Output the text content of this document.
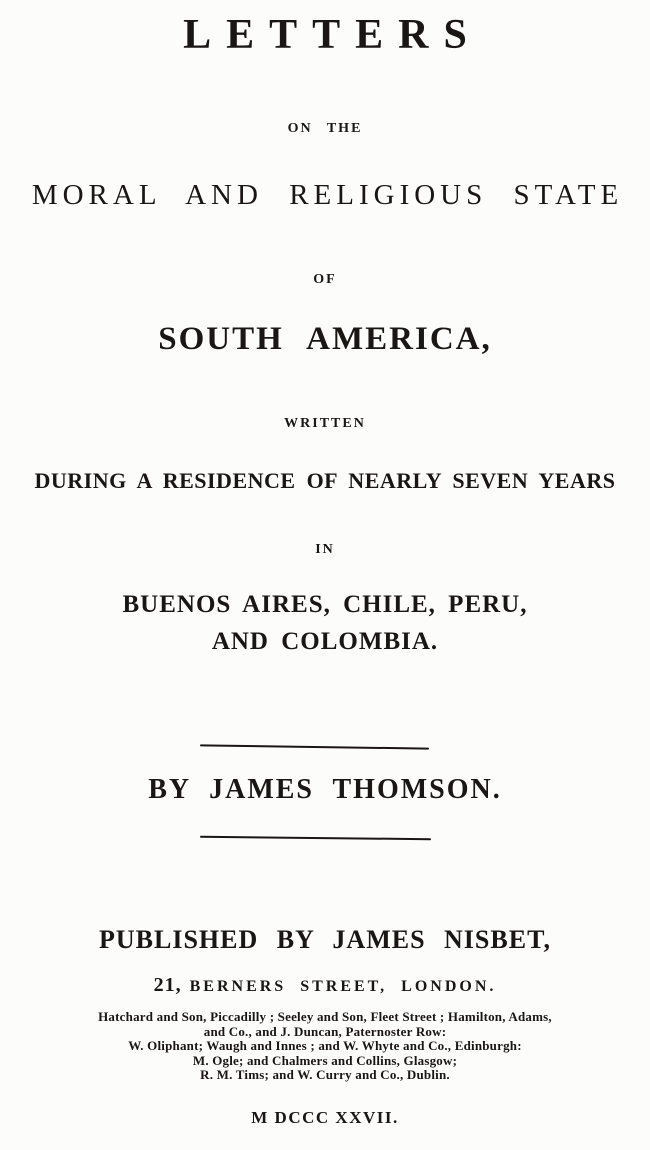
LETTERS
ON THE
MORAL AND RELIGIOUS STATE
OF
SOUTH AMERICA,
WRITTEN
DURING A RESIDENCE OF NEARLY SEVEN YEARS
IN
BUENOS AIRES, CHILE, PERU,
AND COLOMBIA.
BY JAMES THOMSON.
PUBLISHED BY JAMES NISBET,
21, BERNERS STREET, LONDON.
Hatchard and Son, Piccadilly ; Seeley and Son, Fleet Street ; Hamilton, Adams,
and Co., and J. Duncan, Paternoster Row:
W. Oliphant; Waugh and Innes ; and W. Whyte and Co., Edinburgh:
M. Ogle; and Chalmers and Collins, Glasgow;
R. M. Tims; and W. Curry and Co., Dublin.
M DCCC XXVII.
